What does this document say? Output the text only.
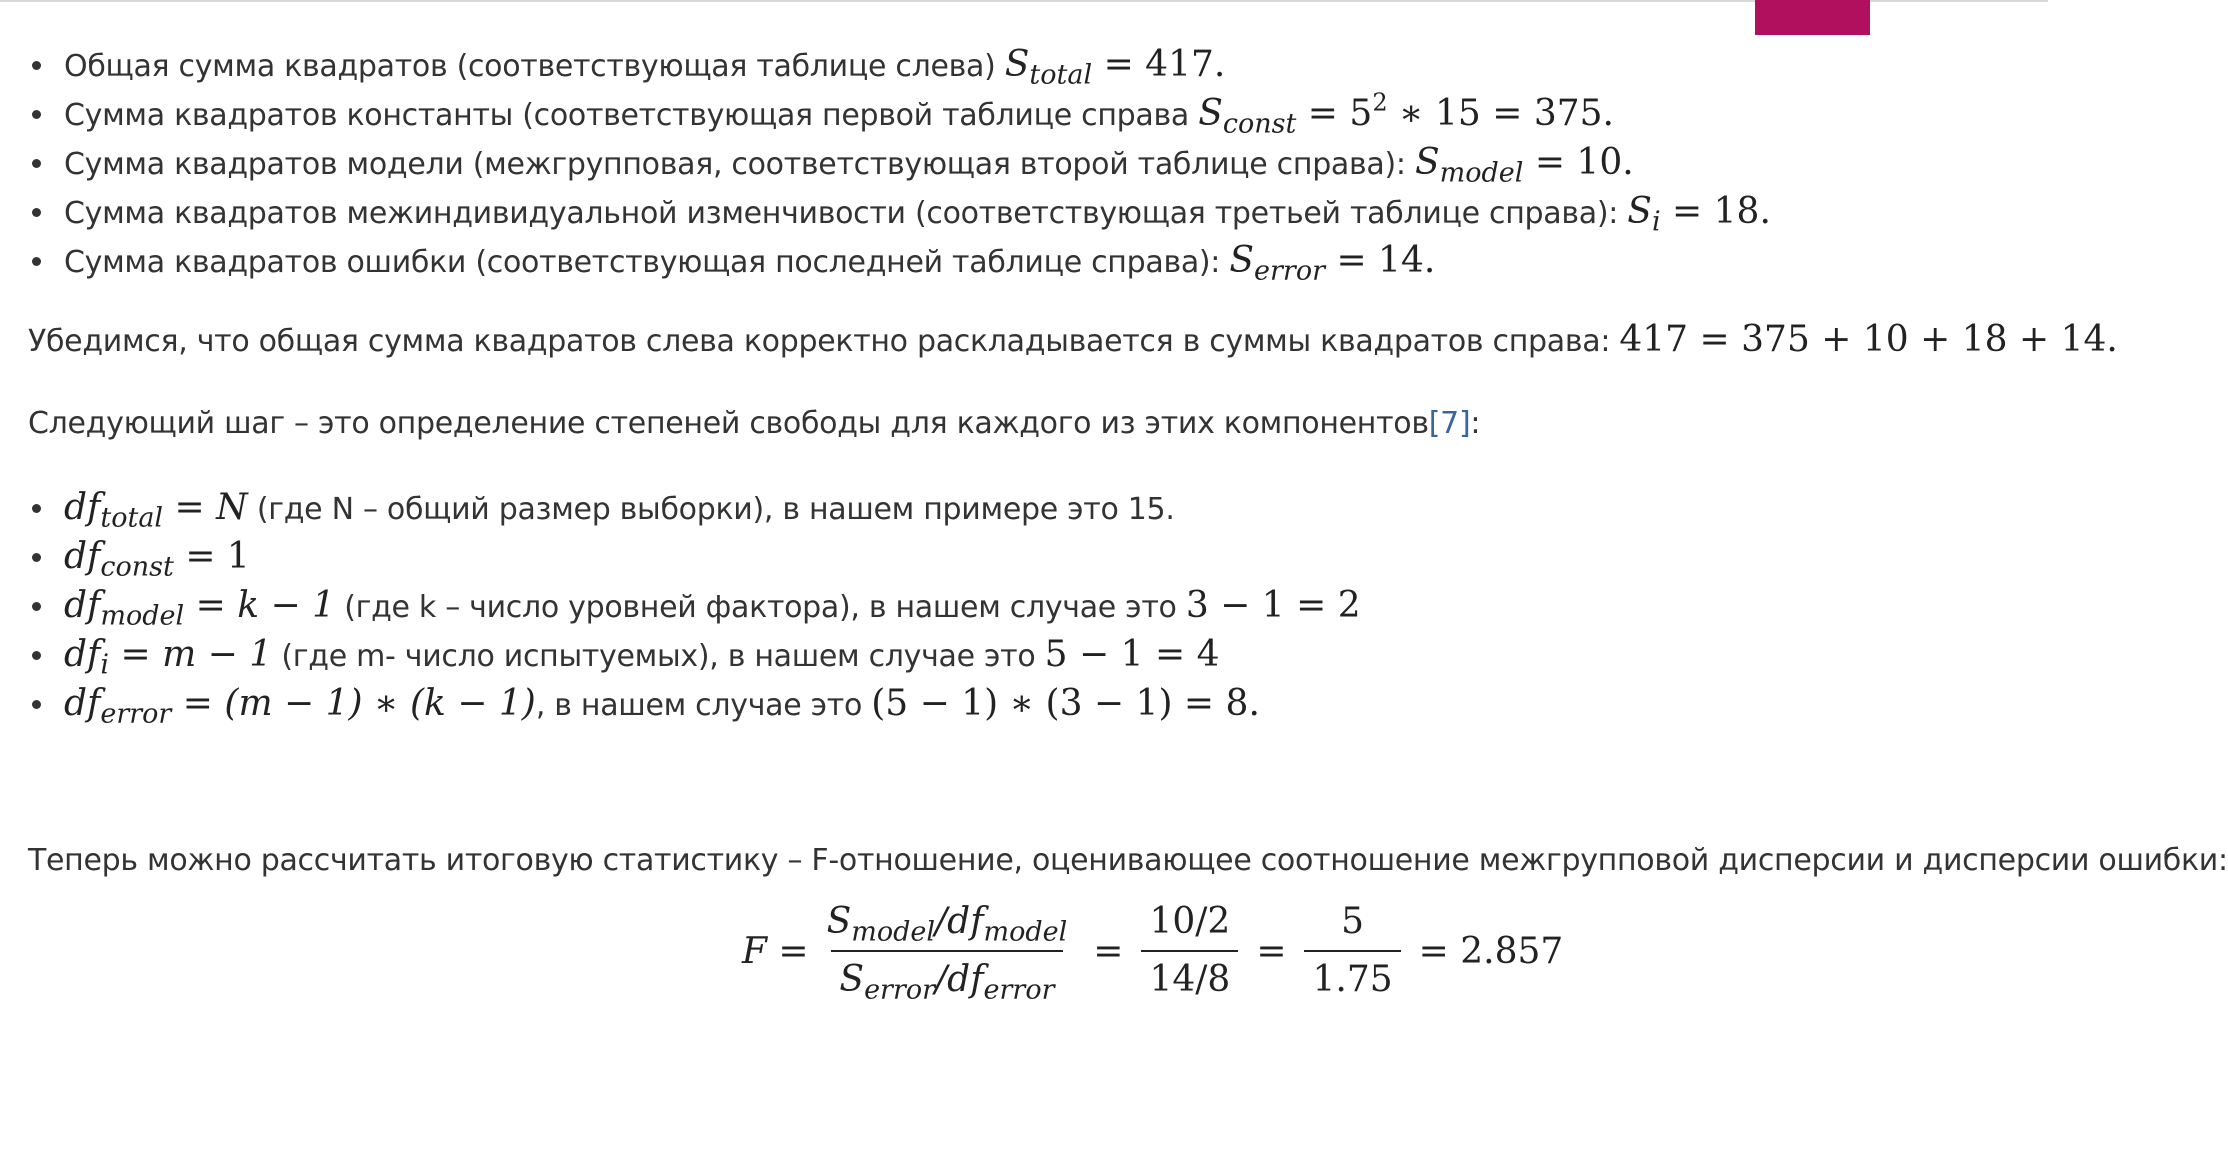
Общая сумма квадратов (соответствующая таблице слева) $S_{total} = 417$.
Сумма квадратов константы (соответствующая первой таблице справа $S_{const} = 5^2$ ∗ 15 = 375.
Сумма квадратов модели (межгрупповая, соответствующая второй таблице справа): $S_{model} = 10$.
Сумма квадратов межиндивидуальной изменчивости (соответствующая третьей таблице справа): $S_i = 18$.
Сумма квадратов ошибки (соответствующая последней таблице справа): $S_{error} = 14$.
Убедимся, что общая сумма квадратов слева корректно раскладывается в суммы квадратов справа: 417 = 375 + 10 + 18 + 14.
Следующий шаг – это определение степеней свободы для каждого из этих компонентов[7]:
$df_{total} = N$ (где N – общий размер выборки), в нашем примере это 15.
$df_{const} = 1$
$df_{model} = k - 1$ (где k – число уровней фактора), в нашем случае это 3 − 1 = 2
$df_i = m - 1$ (где m- число испытуемых), в нашем случае это 5 − 1 = 4
$df_{error} = (m - 1)$ ∗ (k − 1), в нашем случае это (5 − 1) ∗ (3 − 1) = 8.
Теперь можно рассчитать итоговую статистику – F-отношение, оценивающее соотношение межгрупповой дисперсии и дисперсии ошибки:
$F = \frac{S_{model}/df_{model}}{S_{error}/df_{error}} = \frac{10/2}{14/8} = \frac{5}{1.75} = 2.857$
